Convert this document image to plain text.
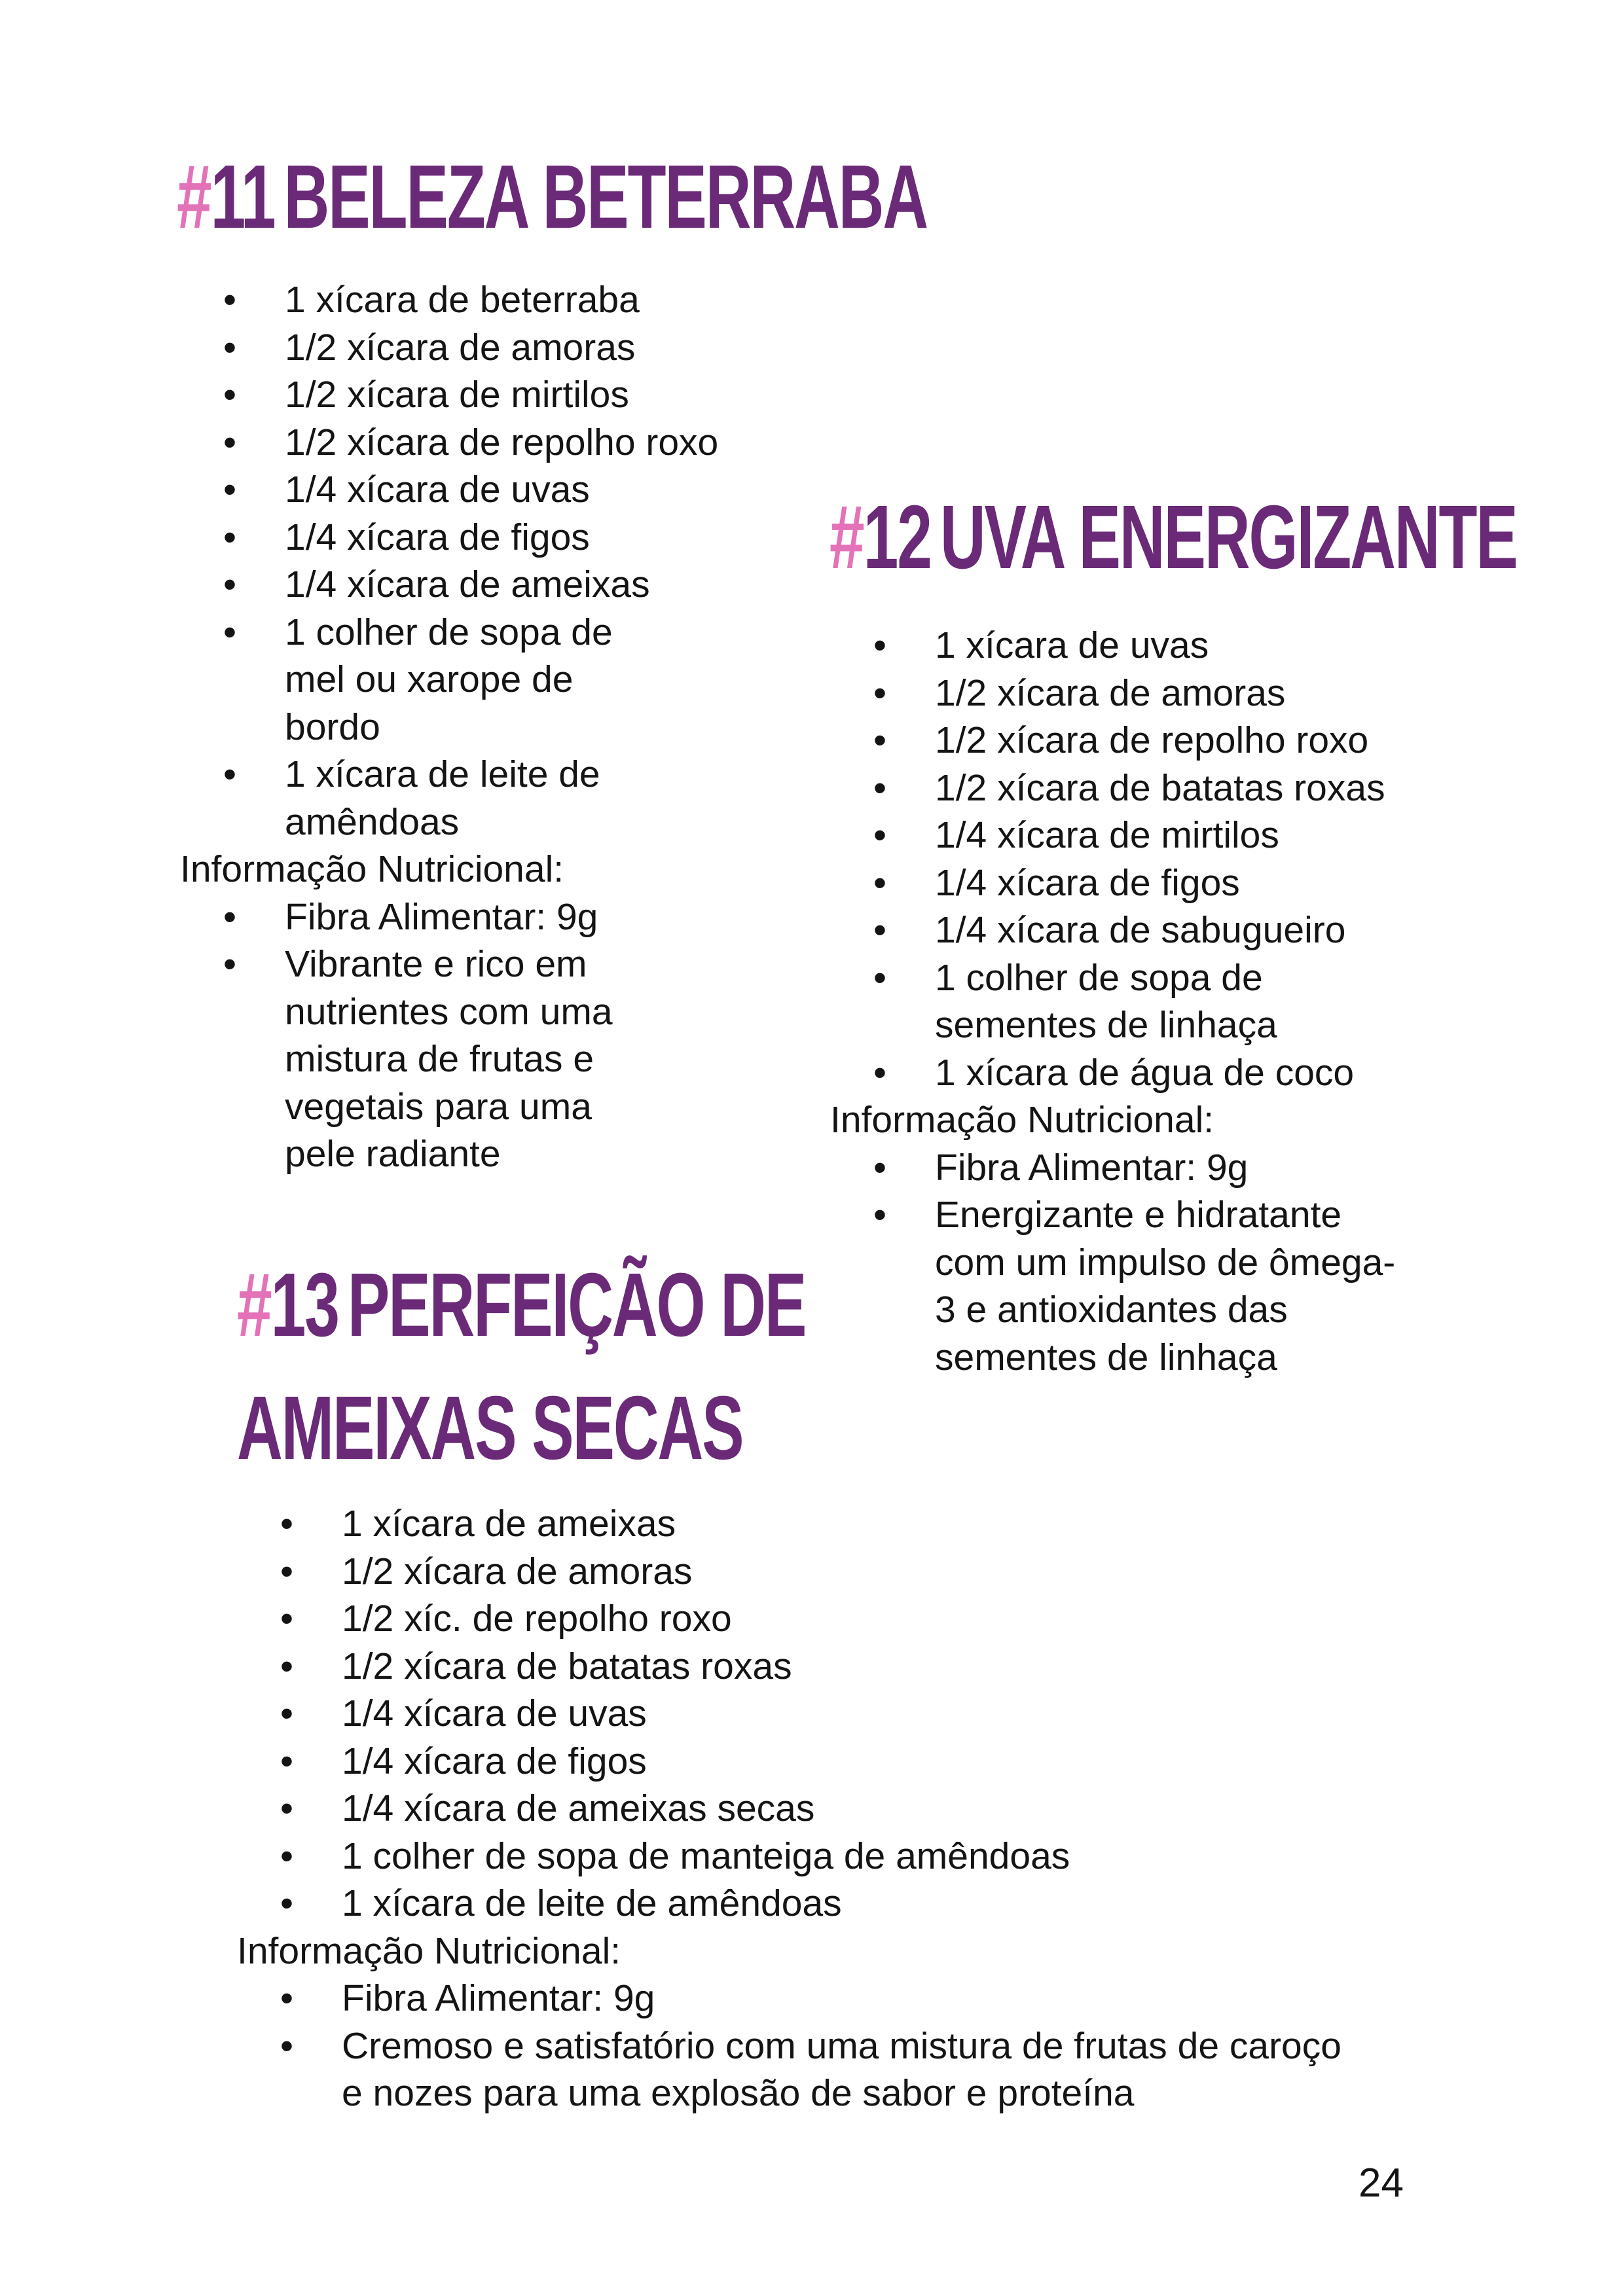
#11 BELEZA BETERRABA
• 1 xícara de beterraba
• 1/2 xícara de amoras
• 1/2 xícara de mirtilos
• 1/2 xícara de repolho roxo
• 1/4 xícara de uvas
• 1/4 xícara de figos
• 1/4 xícara de ameixas
• 1 colher de sopa de mel ou xarope de bordo
• 1 xícara de leite de amêndoas

Informação Nutricional:

• Fibra Alimentar: 9g
• Vibrante e rico em nutrientes com uma mistura de frutas e vegetais para uma pele radiante
#12 UVA ENERGIZANTE
• 1 xícara de uvas
• 1/2 xícara de amoras
• 1/2 xícara de repolho roxo
• 1/2 xícara de batatas roxas
• 1/4 xícara de mirtilos
• 1/4 xícara de figos
• 1/4 xícara de sabugueiro
• 1 colher de sopa de sementes de linhaça
• 1 xícara de água de coco

Informação Nutricional:

• Fibra Alimentar: 9g
• Energizante e hidratante com um impulso de ômega-3 e antioxidantes das sementes de linhaça
#13 PERFEIÇÃO DE
AMEIXAS SECAS
• 1 xícara de ameixas
• 1/2 xícara de amoras
• 1/2 xíc. de repolho roxo
• 1/2 xícara de batatas roxas
• 1/4 xícara de uvas
• 1/4 xícara de figos
• 1/4 xícara de ameixas secas
• 1 colher de sopa de manteiga de amêndoas
• 1 xícara de leite de amêndoas

Informação Nutricional:

• Fibra Alimentar: 9g
• Cremoso e satisfatório com uma mistura de frutas de caroço e nozes para uma explosão de sabor e proteína
24
